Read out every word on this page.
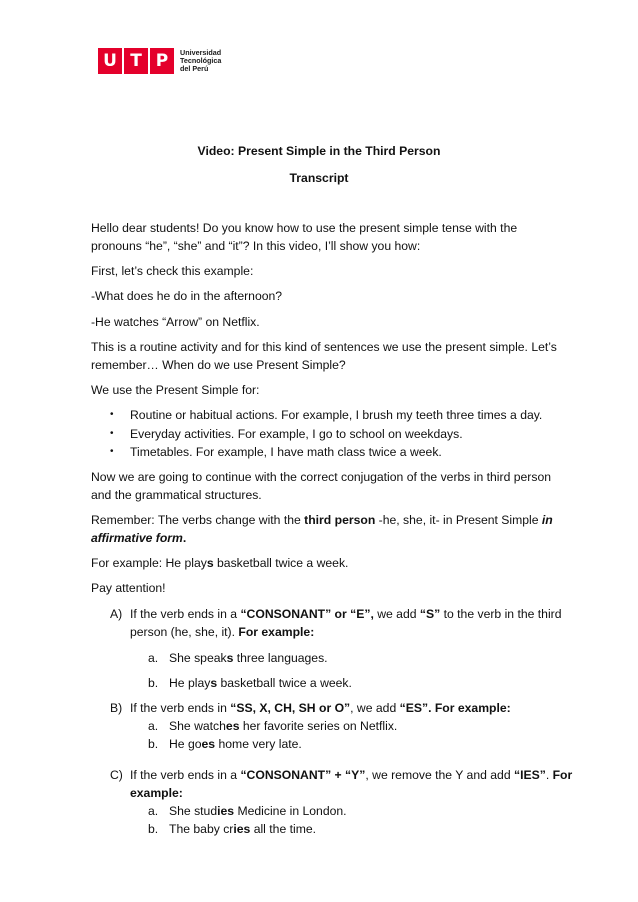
U T P	Universidad
Tecnológica
del Perú
Video: Present Simple in the Third Person
Transcript
Hello dear students! Do you know how to use the present simple tense with the
pronouns “he”, “she” and “it”? In this video, I’ll show you how:
First, let’s check this example:
-What does he do in the afternoon?
-He watches “Arrow” on Netflix.
This is a routine activity and for this kind of sentences we use the present simple. Let’s
remember… When do we use Present Simple?
We use the Present Simple for:
• Routine or habitual actions. For example, I brush my teeth three times a day.
• Everyday activities. For example, I go to school on weekdays.
• Timetables. For example, I have math class twice a week.
Now we are going to continue with the correct conjugation of the verbs in third person
and the grammatical structures.
Remember: The verbs change with the third person -he, she, it- in Present Simple in
affirmative form.
For example: He plays basketball twice a week.
Pay attention!
A) If the verb ends in a “CONSONANT” or “E”, we add “S” to the verb in the third
person (he, she, it). For example:
a. She speaks three languages.
b. He plays basketball twice a week.
B) If the verb ends in “SS, X, CH, SH or O”, we add “ES”. For example:
a. She watches her favorite series on Netflix.
b. He goes home very late.
C) If the verb ends in a “CONSONANT” + “Y”, we remove the Y and add “IES”. For
example:
a. She studies Medicine in London.
b. The baby cries all the time.
